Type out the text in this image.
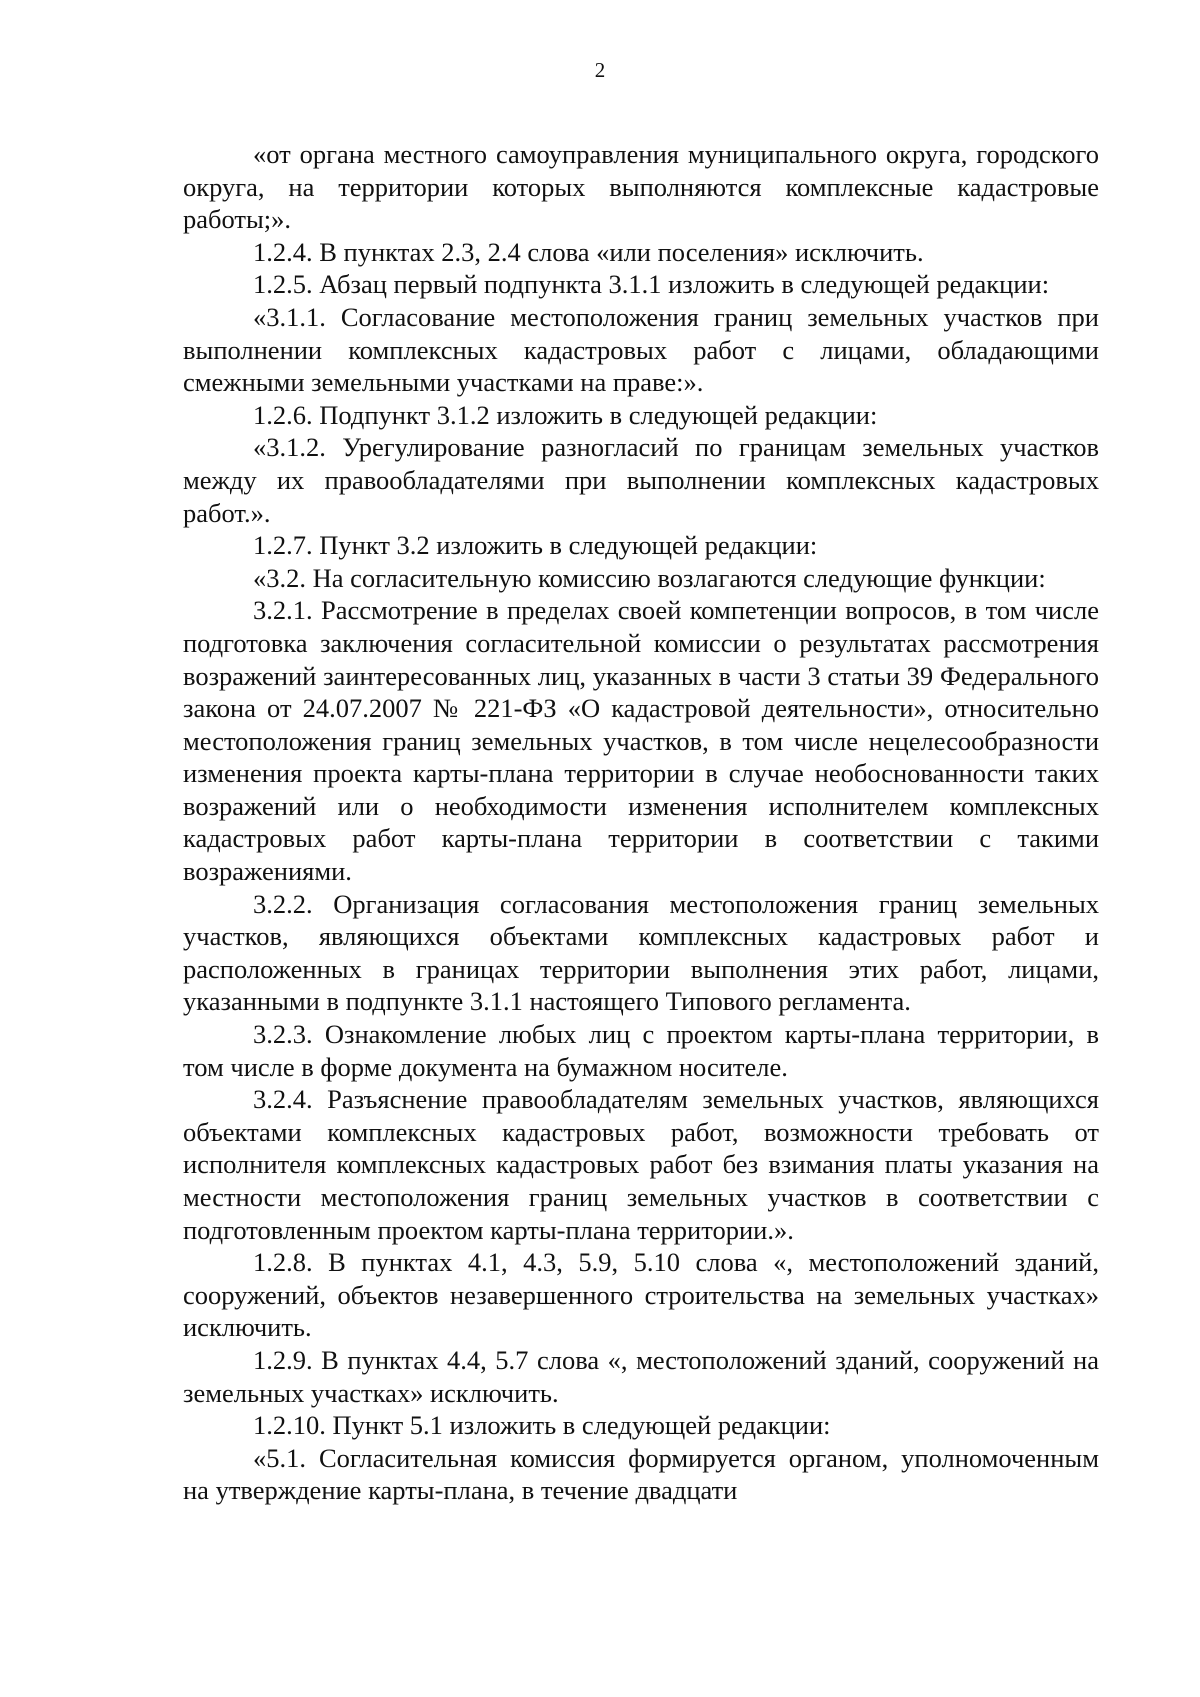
2

«от органа местного самоуправления муниципального округа, городского округа, на территории которых выполняются комплексные кадастровые работы;».

1.2.4. В пунктах 2.3, 2.4 слова «или поселения» исключить.

1.2.5. Абзац первый подпункта 3.1.1 изложить в следующей редакции:

«3.1.1. Согласование местоположения границ земельных участков при выполнении комплексных кадастровых работ с лицами, обладающими смежными земельными участками на праве:».

1.2.6. Подпункт 3.1.2 изложить в следующей редакции:

«3.1.2. Урегулирование разногласий по границам земельных участков между их правообладателями при выполнении комплексных кадастровых работ.».

1.2.7. Пункт 3.2 изложить в следующей редакции:

«3.2. На согласительную комиссию возлагаются следующие функции:

3.2.1. Рассмотрение в пределах своей компетенции вопросов, в том числе подготовка заключения согласительной комиссии о результатах рассмотрения возражений заинтересованных лиц, указанных в части 3 статьи 39 Федерального закона от 24.07.2007 № 221-ФЗ «О кадастровой деятельности», относительно местоположения границ земельных участков, в том числе нецелесообразности изменения проекта карты-плана территории в случае необоснованности таких возражений или о необходимости изменения исполнителем комплексных кадастровых работ карты-плана территории в соответствии с такими возражениями.

3.2.2. Организация согласования местоположения границ земельных участков, являющихся объектами комплексных кадастровых работ и расположенных в границах территории выполнения этих работ, лицами, указанными в подпункте 3.1.1 настоящего Типового регламента.

3.2.3. Ознакомление любых лиц с проектом карты-плана территории, в том числе в форме документа на бумажном носителе.

3.2.4. Разъяснение правообладателям земельных участков, являющихся объектами комплексных кадастровых работ, возможности требовать от исполнителя комплексных кадастровых работ без взимания платы указания на местности местоположения границ земельных участков в соответствии с подготовленным проектом карты-плана территории.».

1.2.8. В пунктах 4.1, 4.3, 5.9, 5.10 слова «, местоположений зданий, сооружений, объектов незавершенного строительства на земельных участках» исключить.

1.2.9. В пунктах 4.4, 5.7 слова «, местоположений зданий, сооружений на земельных участках» исключить.

1.2.10. Пункт 5.1 изложить в следующей редакции:

«5.1. Согласительная комиссия формируется органом, уполномоченным на утверждение карты-плана, в течение двадцати
